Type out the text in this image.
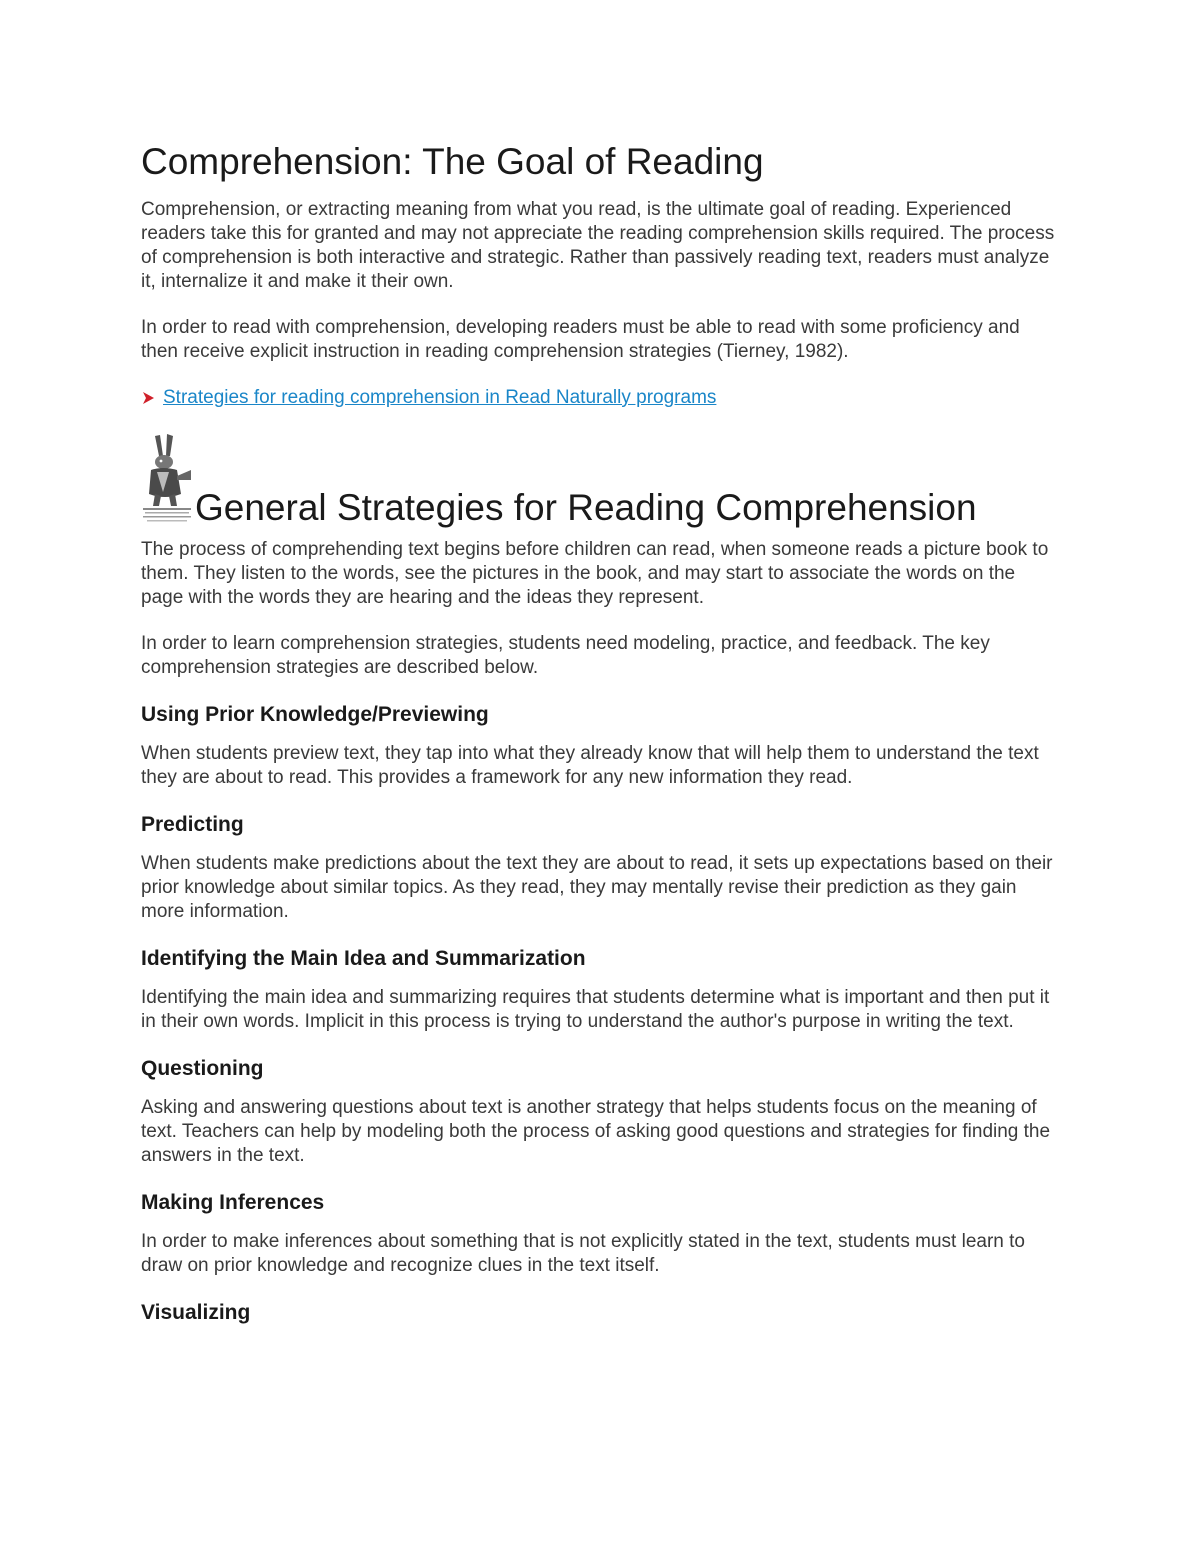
Comprehension: The Goal of Reading

Comprehension, or extracting meaning from what you read, is the ultimate goal of reading. Experienced readers take this for granted and may not appreciate the reading comprehension skills required. The process of comprehension is both interactive and strategic. Rather than passively reading text, readers must analyze it, internalize it and make it their own.

In order to read with comprehension, developing readers must be able to read with some proficiency and then receive explicit instruction in reading comprehension strategies (Tierney, 1982).

Strategies for reading comprehension in Read Naturally programs
General Strategies for Reading Comprehension

The process of comprehending text begins before children can read, when someone reads a picture book to them. They listen to the words, see the pictures in the book, and may start to associate the words on the page with the words they are hearing and the ideas they represent.

In order to learn comprehension strategies, students need modeling, practice, and feedback. The key comprehension strategies are described below.

Using Prior Knowledge/Previewing

When students preview text, they tap into what they already know that will help them to understand the text they are about to read. This provides a framework for any new information they read.

Predicting

When students make predictions about the text they are about to read, it sets up expectations based on their prior knowledge about similar topics. As they read, they may mentally revise their prediction as they gain more information.

Identifying the Main Idea and Summarization

Identifying the main idea and summarizing requires that students determine what is important and then put it in their own words. Implicit in this process is trying to understand the author's purpose in writing the text.

Questioning

Asking and answering questions about text is another strategy that helps students focus on the meaning of text. Teachers can help by modeling both the process of asking good questions and strategies for finding the answers in the text.

Making Inferences

In order to make inferences about something that is not explicitly stated in the text, students must learn to draw on prior knowledge and recognize clues in the text itself.

Visualizing
